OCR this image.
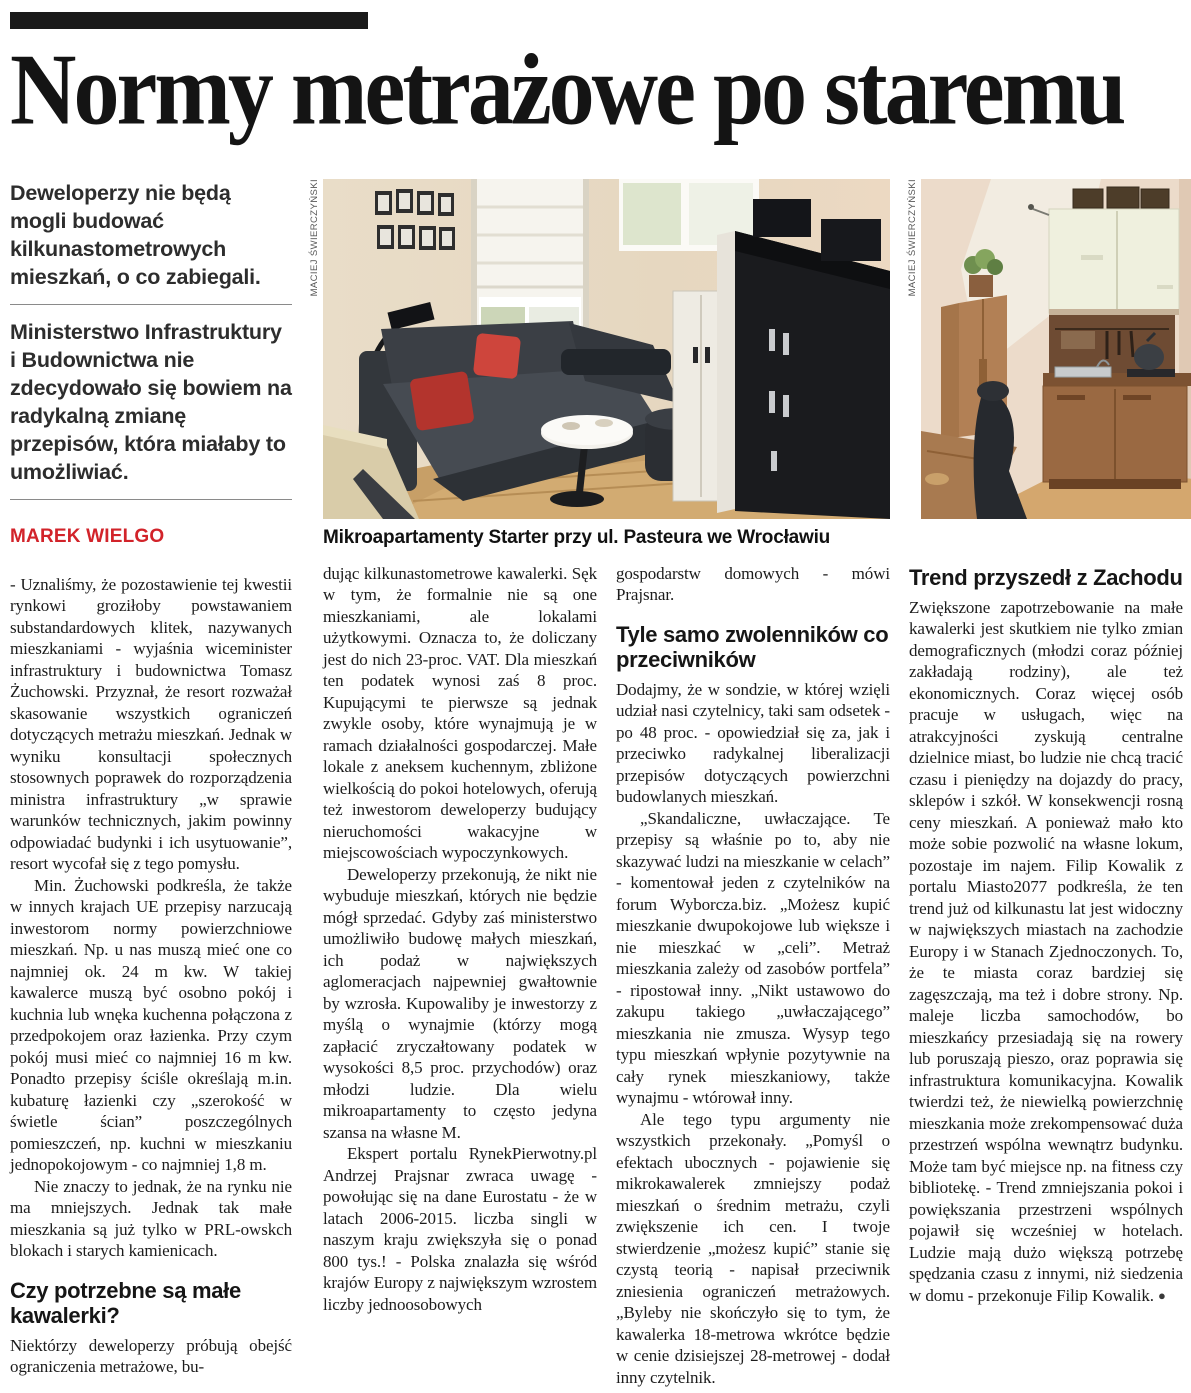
Normy metrażowe po staremu

Deweloperzy nie będą mogli budować kilkunastometrowych mieszkań, o co zabiegali.

Ministerstwo Infrastruktury i Budownictwa nie zdecydowało się bowiem na radykalną zmianę przepisów, która miałaby to umożliwiać.

MAREK WIELGO

- Uznaliśmy, że pozostawienie tej kwestii rynkowi groziłoby powstawaniem substandardowych klitek, nazywanych mieszkaniami - wyjaśnia wiceminister infrastruktury i budownictwa Tomasz Żuchowski. Przyznał, że resort rozważał skasowanie wszystkich ograniczeń dotyczących metrażu mieszkań. Jednak w wyniku konsultacji społecznych stosownych poprawek do rozporządzenia ministra infrastruktury „w sprawie warunków technicznych, jakim powinny odpowiadać budynki i ich usytuowanie”, resort wycofał się z tego pomysłu.

Min. Żuchowski podkreśla, że także w innych krajach UE przepisy narzucają inwestorom normy powierzchniowe mieszkań. Np. u nas muszą mieć one co najmniej ok. 24 m kw. W takiej kawalerce muszą być osobno pokój i kuchnia lub wnęka kuchenna połączona z przedpokojem oraz łazienka. Przy czym pokój musi mieć co najmniej 16 m kw. Ponadto przepisy ściśle określają m.in. kubaturę łazienki czy „szerokość w świetle ścian” poszczególnych pomieszczeń, np. kuchni w mieszkaniu jednopokojowym - co najmniej 1,8 m.

Nie znaczy to jednak, że na rynku nie ma mniejszych. Jednak tak małe mieszkania są już tylko w PRL-owskch blokach i starych kamienicach.

Czy potrzebne są małe kawalerki?

Niektórzy deweloperzy próbują obejść ograniczenia metrażowe, bu-

MACIEJ ŚWIERCZYŃSKI	MACIEJ ŚWIERCZYŃSKI
Mikroapartamenty Starter przy ul. Pasteura we Wrocławiu

dując kilkunastometrowe kawalerki. Sęk w tym, że formalnie nie są one mieszkaniami, ale lokalami użytkowymi. Oznacza to, że doliczany jest do nich 23-proc. VAT. Dla mieszkań ten podatek wynosi zaś 8 proc. Kupującymi te pierwsze są jednak zwykle osoby, które wynajmują je w ramach działalności gospodarczej. Małe lokale z aneksem kuchennym, zbliżone wielkością do pokoi hotelowych, oferują też inwestorom deweloperzy budujący nieruchomości wakacyjne w miejscowościach wypoczynkowych.

Deweloperzy przekonują, że nikt nie wybuduje mieszkań, których nie będzie mógł sprzedać. Gdyby zaś ministerstwo umożliwiło budowę małych mieszkań, ich podaż w największych aglomeracjach najpewniej gwałtownie by wzrosła. Kupowaliby je inwestorzy z myślą o wynajmie (którzy mogą zapłacić zryczałtowany podatek w wysokości 8,5 proc. przychodów) oraz młodzi ludzie. Dla wielu mikroapartamenty to często jedyna szansa na własne M.

Ekspert portalu RynekPierwotny.pl Andrzej Prajsnar zwraca uwagę - powołując się na dane Eurostatu - że w latach 2006-2015. liczba singli w naszym kraju zwiększyła się o ponad 800 tys.! - Polska znalazła się wśród krajów Europy z największym wzrostem liczby jednoosobowych

gospodarstw domowych - mówi Prajsnar.

Tyle samo zwolenników co przeciwników

Dodajmy, że w sondzie, w której wzięli udział nasi czytelnicy, taki sam odsetek - po 48 proc. - opowiedział się za, jak i przeciwko radykalnej liberalizacji przepisów dotyczących powierzchni budowlanych mieszkań.

„Skandaliczne, uwłaczające. Te przepisy są właśnie po to, aby nie skazywać ludzi na mieszkanie w celach” - komentował jeden z czytelników na forum Wyborcza.biz. „Możesz kupić mieszkanie dwupokojowe lub większe i nie mieszkać w „celi”. Metraż mieszkania zależy od zasobów portfela” - ripostował inny. „Nikt ustawowo do zakupu takiego „uwłaczającego” mieszkania nie zmusza. Wysyp tego typu mieszkań wpłynie pozytywnie na cały rynek mieszkaniowy, także wynajmu - wtórował inny.

Ale tego typu argumenty nie wszystkich przekonały. „Pomyśl o efektach ubocznych - pojawienie się mikrokawalerek zmniejszy podaż mieszkań o średnim metrażu, czyli zwiększenie ich cen. I twoje stwierdzenie „możesz kupić” stanie się czystą teorią - napisał przeciwnik zniesienia ograniczeń metrażowych. „Byleby nie skończyło się to tym, że kawalerka 18-metrowa wkrótce będzie w cenie dzisiejszej 28-metrowej - dodał inny czytelnik.

Trend przyszedł z Zachodu

Zwiększone zapotrzebowanie na małe kawalerki jest skutkiem nie tylko zmian demograficznych (młodzi coraz później zakładają rodziny), ale też ekonomicznych. Coraz więcej osób pracuje w usługach, więc na atrakcyjności zyskują centralne dzielnice miast, bo ludzie nie chcą tracić czasu i pieniędzy na dojazdy do pracy, sklepów i szkół. W konsekwencji rosną ceny mieszkań. A ponieważ mało kto może sobie pozwolić na własne lokum, pozostaje im najem. Filip Kowalik z portalu Miasto2077 podkreśla, że ten trend już od kilkunastu lat jest widoczny w największych miastach na zachodzie Europy i w Stanach Zjednoczonych. To, że te miasta coraz bardziej się zagęszczają, ma też i dobre strony. Np. maleje liczba samochodów, bo mieszkańcy przesiadają się na rowery lub poruszają pieszo, oraz poprawia się infrastruktura komunikacyjna. Kowalik twierdzi też, że niewielką powierzchnię mieszkania może zrekompensować duża przestrzeń wspólna wewnątrz budynku. Może tam być miejsce np. na fitness czy bibliotekę. - Trend zmniejszania pokoi i powiększania przestrzeni wspólnych pojawił się wcześniej w hotelach. Ludzie mają dużo większą potrzebę spędzania czasu z innymi, niż siedzenia w domu - przekonuje Filip Kowalik. ●
